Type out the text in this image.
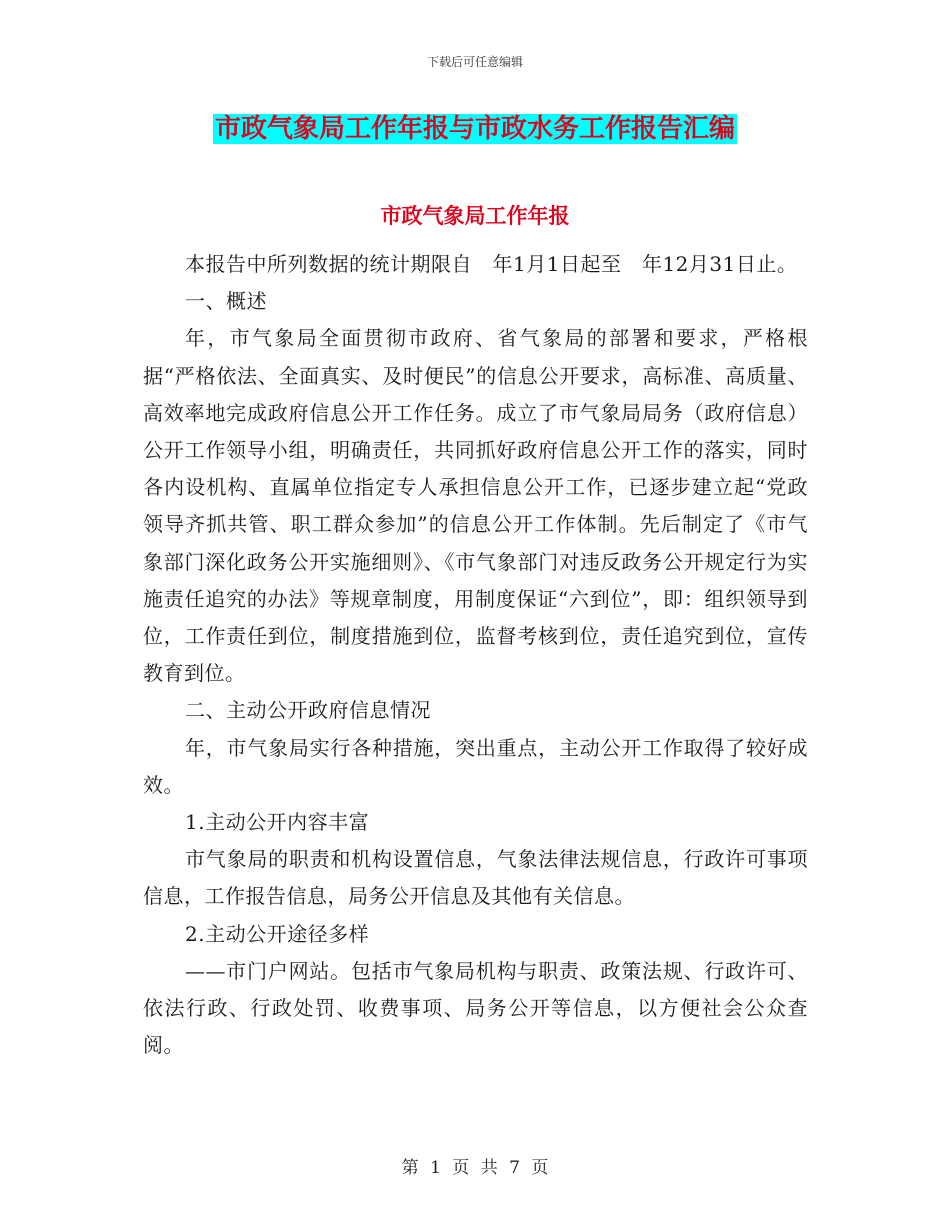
下载后可任意编辑
市政气象局工作年报与市政水务工作报告汇编
市政气象局工作年报

本报告中所列数据的统计期限自　年1月1日起至　年12月31日止。

一、概述

年，市气象局全面贯彻市政府、省气象局的部署和要求，严格根据“严格依法、全面真实、及时便民”的信息公开要求，高标准、高质量、高效率地完成政府信息公开工作任务。成立了市气象局局务（政府信息）公开工作领导小组，明确责任，共同抓好政府信息公开工作的落实，同时各内设机构、直属单位指定专人承担信息公开工作，已逐步建立起“党政领导齐抓共管、职工群众参加”的信息公开工作体制。先后制定了《市气象部门深化政务公开实施细则》、《市气象部门对违反政务公开规定行为实施责任追究的办法》等规章制度，用制度保证“六到位”，即：组织领导到位，工作责任到位，制度措施到位，监督考核到位，责任追究到位，宣传教育到位。

二、主动公开政府信息情况

年，市气象局实行各种措施，突出重点，主动公开工作取得了较好成效。

1.主动公开内容丰富

市气象局的职责和机构设置信息，气象法律法规信息，行政许可事项信息，工作报告信息，局务公开信息及其他有关信息。

2.主动公开途径多样

——市门户网站。包括市气象局机构与职责、政策法规、行政许可、依法行政、行政处罚、收费事项、局务公开等信息，以方便社会公众查阅。

第 1 页 共 7 页
